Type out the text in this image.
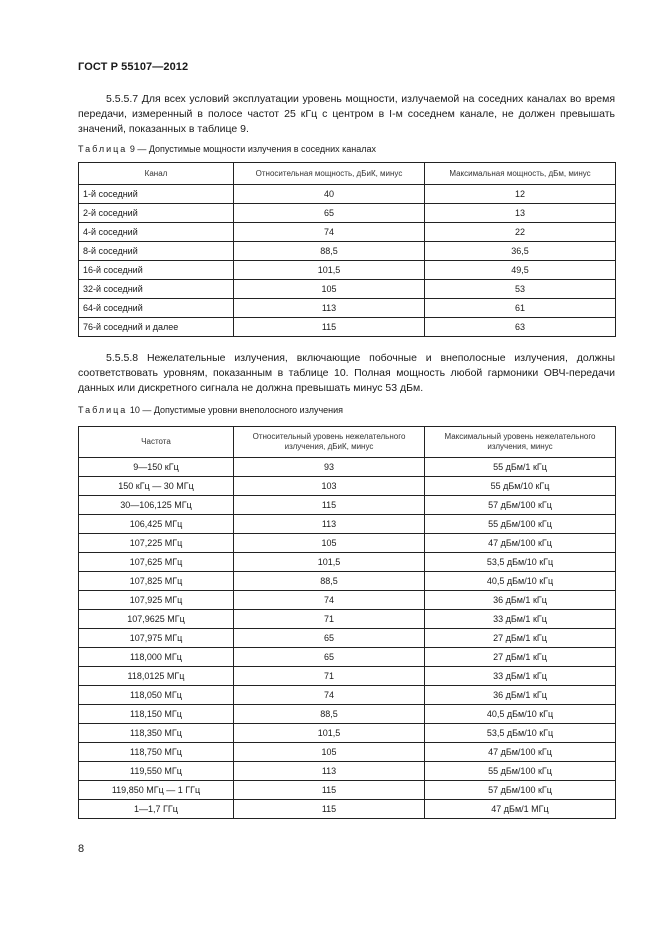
ГОСТ Р 55107—2012

5.5.5.7 Для всех условий эксплуатации уровень мощности, излучаемой на соседних каналах во время передачи, измеренный в полосе частот 25 кГц с центром в I-м соседнем канале, не должен превышать значений, показанных в таблице 9.

Таблица 9 — Допустимые мощности излучения в соседних каналах
Канал	Относительная мощность, дБиК, минус	Максимальная мощность, дБм, минус
1-й соседний	40	12
2-й соседний	65	13
4-й соседний	74	22
8-й соседний	88,5	36,5
16-й соседний	101,5	49,5
32-й соседний	105	53
64-й соседний	113	61
76-й соседний и далее	115	63

5.5.5.8 Нежелательные излучения, включающие побочные и внеполосные излучения, должны соответствовать уровням, показанным в таблице 10. Полная мощность любой гармоники ОВЧ-передачи данных или дискретного сигнала не должна превышать минус 53 дБм.

Таблица 10 — Допустимые уровни внеполосного излучения
Частота	Относительный уровень нежелательного излучения, дБиК, минус	Максимальный уровень нежелательного излучения, минус
9—150 кГц	93	55 дБм/1 кГц
150 кГц — 30 МГц	103	55 дБм/10 кГц
30—106,125 МГц	115	57 дБм/100 кГц
106,425 МГц	113	55 дБм/100 кГц
107,225 МГц	105	47 дБм/100 кГц
107,625 МГц	101,5	53,5 дБм/10 кГц
107,825 МГц	88,5	40,5 дБм/10 кГц
107,925 МГц	74	36 дБм/1 кГц
107,9625 МГц	71	33 дБм/1 кГц
107,975 МГц	65	27 дБм/1 кГц
118,000 МГц	65	27 дБм/1 кГц
118,0125 МГц	71	33 дБм/1 кГц
118,050 МГц	74	36 дБм/1 кГц
118,150 МГц	88,5	40,5 дБм/10 кГц
118,350 МГц	101,5	53,5 дБм/10 кГц
118,750 МГц	105	47 дБм/100 кГц
119,550 МГц	113	55 дБм/100 кГц
119,850 МГц — 1 ГГц	115	57 дБм/100 кГц
1—1,7 ГГц	115	47 дБм/1 МГц
8
